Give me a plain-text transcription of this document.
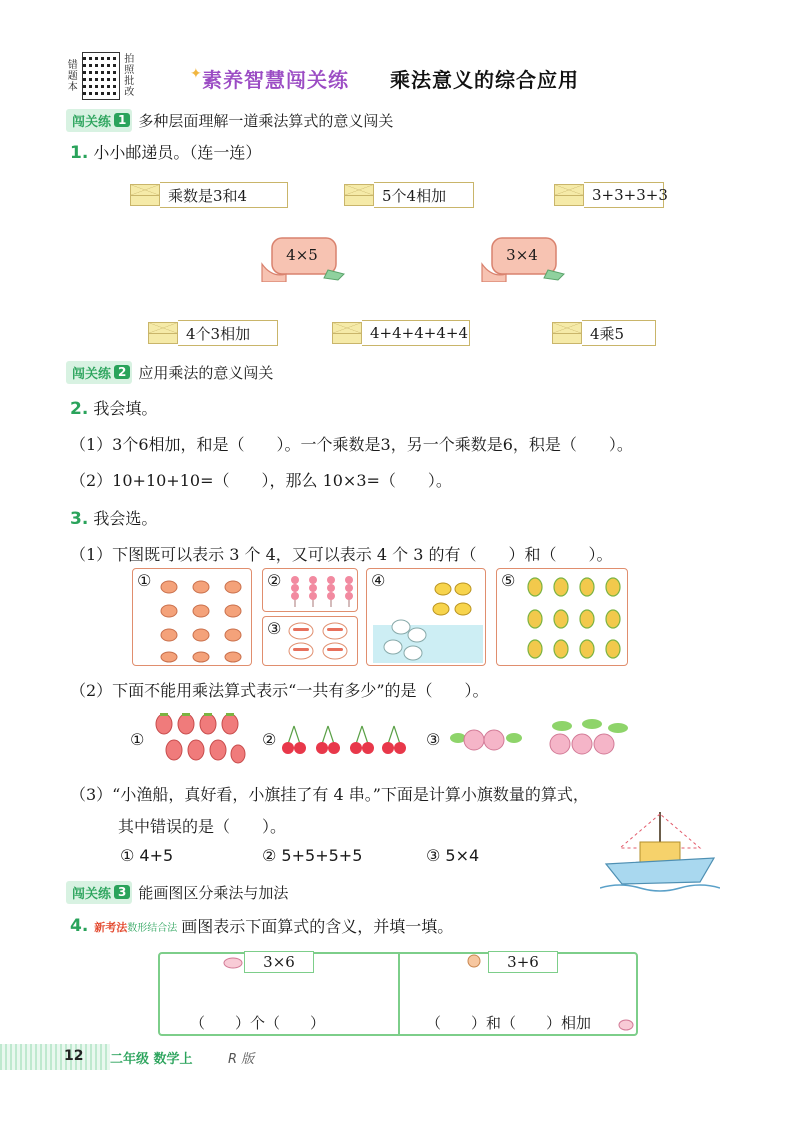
错题本
拍照批改
✦ 素养智慧闯关练 乘法意义的综合应用
闯关练 1 多种层面理解一道乘法算式的意义闯关
1. 小小邮递员。（连一连）
乘数是3和4	5个4相加	3+3+3+3
4×5	3×4
4个3相加	4+4+4+4+4	4乘5
闯关练 2 应用乘法的意义闯关
2. 我会填。
（1）3个6相加，和是（　　）。一个乘数是3，另一个乘数是6，积是（　　）。
（2）10+10+10=（　　），那么 10×3=（　　）。
3. 我会选。
（1）下图既可以表示 3 个 4，又可以表示 4 个 3 的有（　　）和（　　）。
①	②
③
④	⑤
（2）下面不能用乘法算式表示“一共有多少”的是（　　）。
①	②	③
（3）“小渔船，真好看，小旗挂了有 4 串。”下面是计算小旗数量的算式，
其中错误的是（　　）。
① 4+5	② 5+5+5+5	③ 5×4
闯关练 3 能画图区分乘法与加法
4. 新考法数形结合法 画图表示下面算式的含义，并填一填。
3×6	3+6
（　　）个（　　）	（　　）和（　　）相加
12 二年级 数学上	R 版
